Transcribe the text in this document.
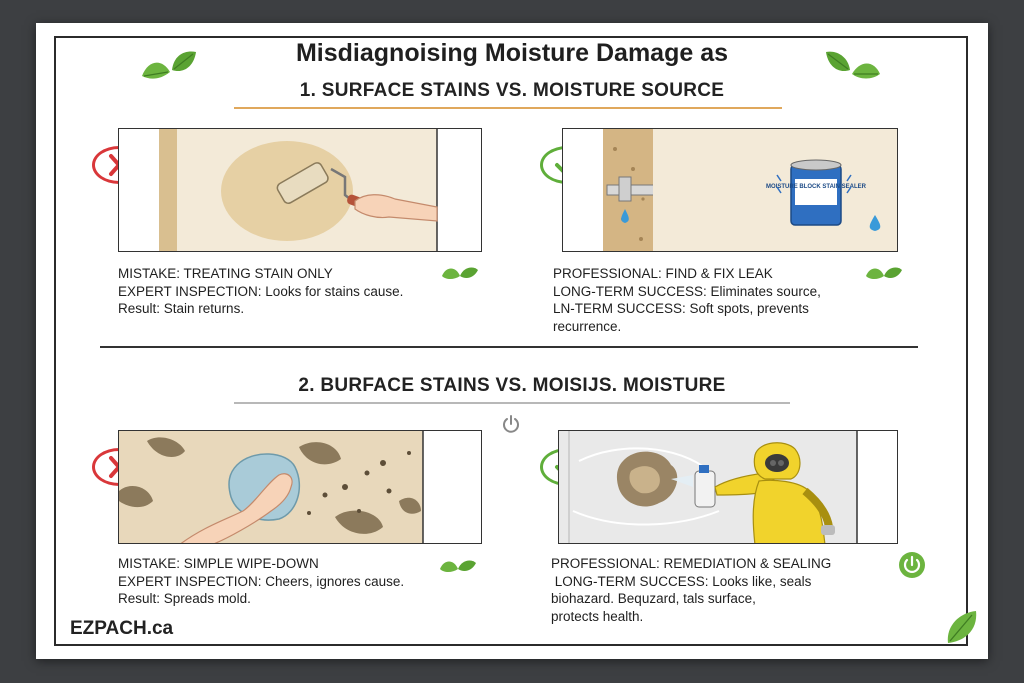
Misdiagnoising Moisture Damage as
1. SURFACE STAINS VS. MOISTURE SOURCE
MISTAKE: TREATING STAIN ONLY
EXPERT INSPECTION: Looks for stains cause.
Result: Stain returns.
MOISTURE BLOCK STAIN SEALER
PROFESSIONAL: FIND & FIX LEAK
LONG-TERM SUCCESS: Eliminates source,
LN-TERM SUCCESS: Soft spots, prevents
recurrence.
2. BURFACE STAINS VS. MOISIJS. MOISTURE
MISTAKE: SIMPLE WIPE-DOWN
EXPERT INSPECTION: Cheers, ignores cause.
Result: Spreads mold.
PROFESSIONAL: REMEDIATION & SEALING
LONG-TERM SUCCESS: Looks like, seals
biohazard. Bequzard, tals surface,
protects health.
EZPACH.ca
